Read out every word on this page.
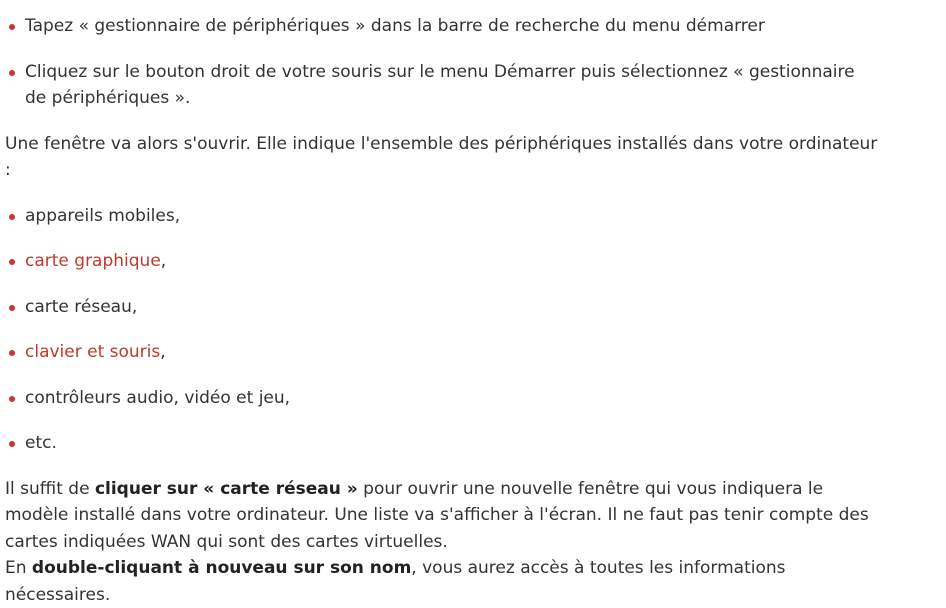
Tapez « gestionnaire de périphériques » dans la barre de recherche du menu démarrer
Cliquez sur le bouton droit de votre souris sur le menu Démarrer puis sélectionnez « gestionnaire de périphériques ».

Une fenêtre va alors s'ouvrir. Elle indique l'ensemble des périphériques installés dans votre ordinateur :

appareils mobiles,
carte graphique,
carte réseau,
clavier et souris,
contrôleurs audio, vidéo et jeu,
etc.

Il suffit de cliquer sur « carte réseau » pour ouvrir une nouvelle fenêtre qui vous indiquera le modèle installé dans votre ordinateur. Une liste va s'afficher à l'écran. Il ne faut pas tenir compte des cartes indiquées WAN qui sont des cartes virtuelles.

En double-cliquant à nouveau sur son nom, vous aurez accès à toutes les informations nécessaires.
